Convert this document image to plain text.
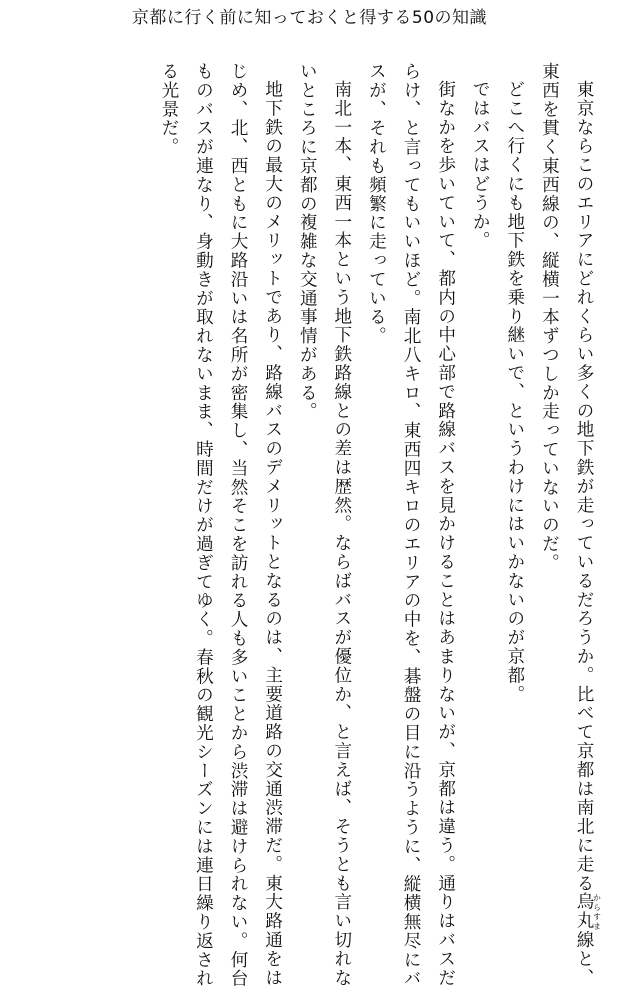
京都に行く前に知っておくと得する50の知識

東京ならこのエリアにどれくらい多くの地下鉄が走っているだろうか。比べて京都は南北に走る烏丸からすま線と、東西を貫く東西線の、縦横一本ずつしか走っていないのだ。

どこへ行くにも地下鉄を乗り継いで、というわけにはいかないのが京都。

ではバスはどうか。

街なかを歩いていて、都内の中心部で路線バスを見かけることはあまりないが、京都は違う。通りはバスだらけ、と言ってもいいほど。南北八キロ、東西四キロのエリアの中を、碁盤の目に沿うように、縦横無尽にバスが、それも頻繁に走っている。

南北一本、東西一本という地下鉄路線との差は歴然。ならばバスが優位か、と言えば、そうとも言い切れないところに京都の複雑な交通事情がある。

地下鉄の最大のメリットであり、路線バスのデメリットとなるのは、主要道路の交通渋滞だ。東大路通をはじめ、北、西ともに大路沿いは名所が密集し、当然そこを訪れる人も多いことから渋滞は避けられない。何台ものバスが連なり、身動きが取れないまま、時間だけが過ぎてゆく。春秋の観光シーズンには連日繰り返される光景だ。
